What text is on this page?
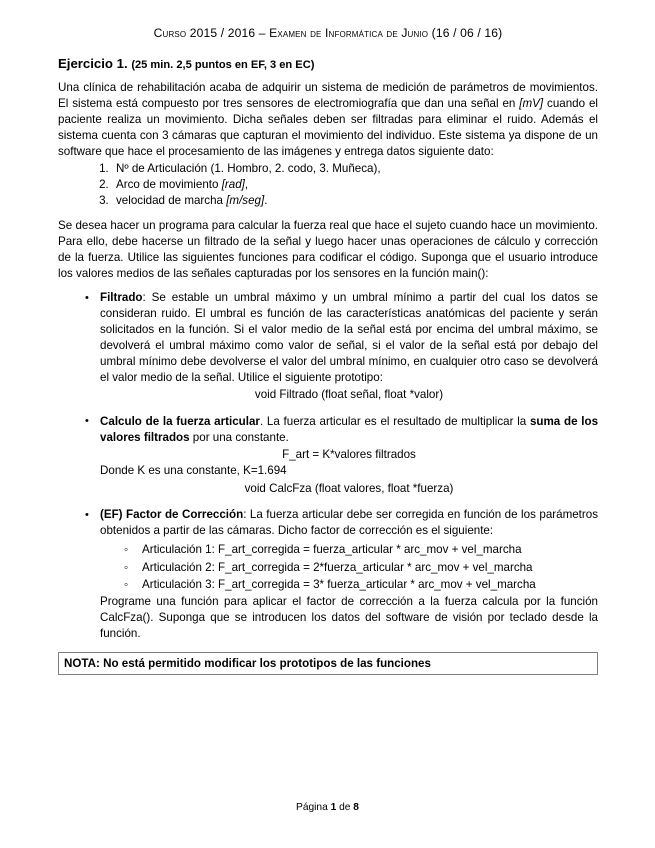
Curso 2015 / 2016 – Examen de Informática de Junio (16 / 06 / 16)
Ejercicio 1. (25 min. 2,5 puntos en EF, 3 en EC)

Una clínica de rehabilitación acaba de adquirir un sistema de medición de parámetros de movimientos. El sistema está compuesto por tres sensores de electromiografía que dan una señal en [mV] cuando el paciente realiza un movimiento. Dicha señales deben ser filtradas para eliminar el ruido. Además el sistema cuenta con 3 cámaras que capturan el movimiento del individuo. Este sistema ya dispone de un software que hace el procesamiento de las imágenes y entrega datos siguiente dato:

1. Nº de Articulación (1. Hombro, 2. codo, 3. Muñeca),
2. Arco de movimiento [rad],
3. velocidad de marcha [m/seg].

Se desea hacer un programa para calcular la fuerza real que hace el sujeto cuando hace un movimiento. Para ello, debe hacerse un filtrado de la señal y luego hacer unas operaciones de cálculo y corrección de la fuerza. Utilice las siguientes funciones para codificar el código. Suponga que el usuario introduce los valores medios de las señales capturadas por los sensores en la función main():

• Filtrado: Se estable un umbral máximo y un umbral mínimo a partir del cual los datos se consideran ruido. El umbral es función de las características anatómicas del paciente y serán solicitados en la función. Si el valor medio de la señal está por encima del umbral máximo, se devolverá el umbral máximo como valor de señal, si el valor de la señal está por debajo del umbral mínimo debe devolverse el valor del umbral mínimo, en cualquier otro caso se devolverá el valor medio de la señal. Utilice el siguiente prototipo:
void Filtrado (float señal, float *valor)
• Calculo de la fuerza articular. La fuerza articular es el resultado de multiplicar la suma de los valores filtrados por una constante.
F_art = K*valores filtrados
Donde K es una constante, K=1.694
void CalcFza (float valores, float *fuerza)
• (EF) Factor de Corrección: La fuerza articular debe ser corregida en función de los parámetros obtenidos a partir de las cámaras. Dicho factor de corrección es el siguiente:
◦ Articulación 1: F_art_corregida = fuerza_articular * arc_mov + vel_marcha
◦ Articulación 2: F_art_corregida = 2*fuerza_articular * arc_mov + vel_marcha
◦ Articulación 3: F_art_corregida = 3* fuerza_articular * arc_mov + vel_marcha
Programe una función para aplicar el factor de corrección a la fuerza calcula por la función CalcFza(). Suponga que se introducen los datos del software de visión por teclado desde la función.
NOTA: No está permitido modificar los prototipos de las funciones
Página 1 de 8
